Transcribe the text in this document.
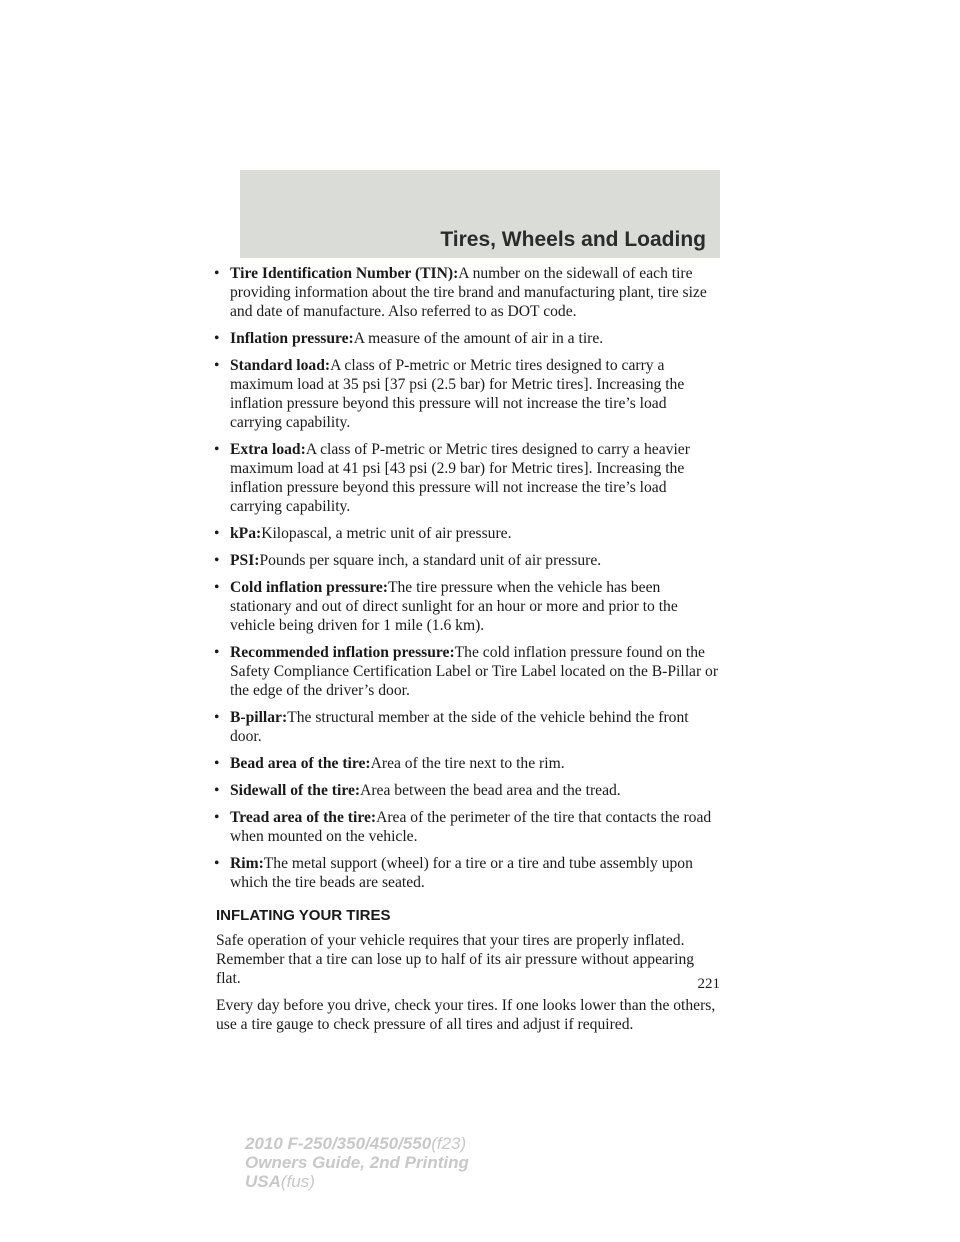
Tires, Wheels and Loading
• Tire Identification Number (TIN):A number on the sidewall of each tire providing information about the tire brand and manufacturing plant, tire size and date of manufacture. Also referred to as DOT code.
• Inflation pressure:A measure of the amount of air in a tire.
• Standard load:A class of P-metric or Metric tires designed to carry a maximum load at 35 psi [37 psi (2.5 bar) for Metric tires]. Increasing the inflation pressure beyond this pressure will not increase the tire’s load carrying capability.
• Extra load:A class of P-metric or Metric tires designed to carry a heavier maximum load at 41 psi [43 psi (2.9 bar) for Metric tires]. Increasing the inflation pressure beyond this pressure will not increase the tire’s load carrying capability.
• kPa:Kilopascal, a metric unit of air pressure.
• PSI:Pounds per square inch, a standard unit of air pressure.
• Cold inflation pressure:The tire pressure when the vehicle has been stationary and out of direct sunlight for an hour or more and prior to the vehicle being driven for 1 mile (1.6 km).
• Recommended inflation pressure:The cold inflation pressure found on the Safety Compliance Certification Label or Tire Label located on the B-Pillar or the edge of the driver’s door.
• B-pillar:The structural member at the side of the vehicle behind the front door.
• Bead area of the tire:Area of the tire next to the rim.
• Sidewall of the tire:Area between the bead area and the tread.
• Tread area of the tire:Area of the perimeter of the tire that contacts the road when mounted on the vehicle.
• Rim:The metal support (wheel) for a tire or a tire and tube assembly upon which the tire beads are seated.
INFLATING YOUR TIRES

Safe operation of your vehicle requires that your tires are properly inflated. Remember that a tire can lose up to half of its air pressure without appearing flat.

Every day before you drive, check your tires. If one looks lower than the others, use a tire gauge to check pressure of all tires and adjust if required.

221
2010 F-250/350/450/550(f23)
Owners Guide, 2nd Printing
USA(fus)
